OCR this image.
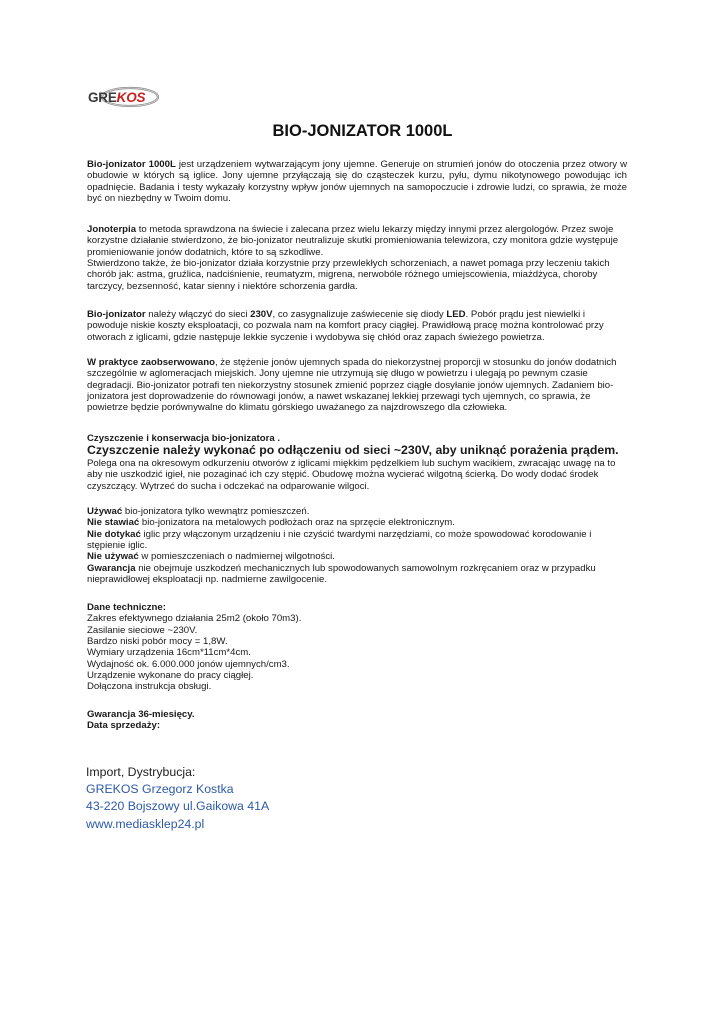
GREKOS
BIO-JONIZATOR 1000L

Bio-jonizator 1000L jest urządzeniem wytwarzającym jony ujemne. Generuje on strumień jonów do otoczenia przez otwory w obudowie w których są iglice. Jony ujemne przyłączają się do cząsteczek kurzu, pyłu, dymu nikotynowego powodując ich opadnięcie. Badania i testy wykazały korzystny wpływ jonów ujemnych na samopoczucie i zdrowie ludzi, co sprawia, że może być on niezbędny w Twoim domu.

Jonoterpia to metoda sprawdzona na świecie i zalecana przez wielu lekarzy między innymi przez alergologów. Przez swoje korzystne działanie stwierdzono, że bio-jonizator neutralizuje skutki promieniowania telewizora, czy monitora gdzie występuje promieniowanie jonów dodatnich, które to są szkodliwe.

Stwierdzono także, że bio-jonizator działa korzystnie przy przewlekłych schorzeniach, a nawet pomaga przy leczeniu takich chorób jak: astma, gruźlica, nadciśnienie, reumatyzm, migrena, nerwobóle różnego umiejscowienia, miażdżyca, choroby tarczycy, bezsenność, katar sienny i niektóre schorzenia gardła.

Bio-jonizator należy włączyć do sieci 230V, co zasygnalizuje zaświecenie się diody LED. Pobór prądu jest niewielki i powoduje niskie koszty eksploatacji, co pozwala nam na komfort pracy ciągłej. Prawidłową pracę można kontrolować przy otworach z iglicami, gdzie następuje lekkie syczenie i wydobywa się chłód oraz zapach świeżego powietrza.

W praktyce zaobserwowano, że stężenie jonów ujemnych spada do niekorzystnej proporcji w stosunku do jonów dodatnich szczególnie w aglomeracjach miejskich. Jony ujemne nie utrzymują się długo w powietrzu i ulegają po pewnym czasie degradacji. Bio-jonizator potrafi ten niekorzystny stosunek zmienić poprzez ciągłe dosyłanie jonów ujemnych. Zadaniem bio-jonizatora jest doprowadzenie do równowagi jonów, a nawet wskazanej lekkiej przewagi tych ujemnych, co sprawia, że powietrze będzie porównywalne do klimatu górskiego uważanego za najzdrowszego dla człowieka.

Czyszczenie i konserwacja bio-jonizatora .

Czyszczenie należy wykonać po odłączeniu od sieci ~230V, aby uniknąć porażenia prądem.

Polega ona na okresowym odkurzeniu otworów z iglicami miękkim pędzelkiem lub suchym wacikiem, zwracając uwagę na to aby nie uszkodzić igieł, nie pozaginać ich czy stępić. Obudowę można wycierać wilgotną ścierką. Do wody dodać środek czyszczący. Wytrzeć do sucha i odczekać na odparowanie wilgoci.

Używać bio-jonizatora tylko wewnątrz pomieszczeń.

Nie stawiać bio-jonizatora na metalowych podłożach oraz na sprzęcie elektronicznym.

Nie dotykać iglic przy włączonym urządzeniu i nie czyścić twardymi narzędziami, co może spowodować korodowanie i stępienie iglic.

Nie używać w pomieszczeniach o nadmiernej wilgotności.

Gwarancja nie obejmuje uszkodzeń mechanicznych lub spowodowanych samowolnym rozkręcaniem oraz w przypadku nieprawidłowej eksploatacji np. nadmierne zawilgocenie.

Dane techniczne:

Zakres efektywnego działania 25m2 (około 70m3).

Zasilanie sieciowe ~230V.

Bardzo niski pobór mocy = 1,8W.

Wymiary urządzenia 16cm*11cm*4cm.

Wydajność ok. 6.000.000 jonów ujemnych/cm3.

Urządzenie wykonane do pracy ciągłej.

Dołączona instrukcja obsługi.

Gwarancja 36-miesięcy.

Data sprzedaży:

Import, Dystrybucja:
GREKOS Grzegorz Kostka
43-220 Bojszowy ul.Gaikowa 41A
www.mediasklep24.pl
